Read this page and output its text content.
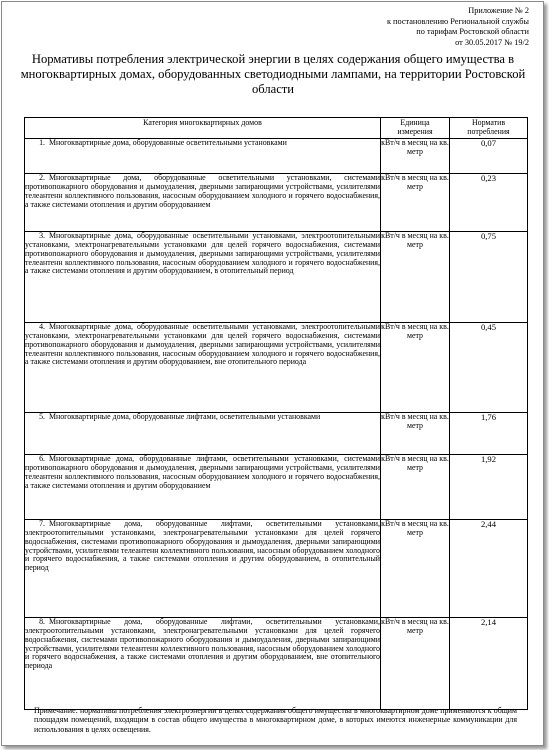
Приложение № 2
к постановлению Региональной службы
по тарифам Ростовской области
от 30.05.2017 № 19/2
Нормативы потребления электрической энергии в целях содержания общего имущества в многоквартирных домах, оборудованных светодиодными лампами, на территории Ростовской области
Категория многоквартирных домов	Единица измерения	Норматив потребления
1. Многоквартирные дома, оборудованные осветительными установками	кВт/ч в месяц на кв. метр	0,07
2. Многоквартирные дома, оборудованные осветительными установками, системами противопожарного оборудования и дымоудаления, дверными запирающими устройствами, усилителями телеантенн коллективного пользования, насосным оборудованием холодного и горячего водоснабжения, а также системами отопления и другим оборудованием	кВт/ч в месяц на кв. метр	0,23
3. Многоквартирные дома, оборудованные осветительными установками, электроотопительными установками, электронагревательными установками для целей горячего водоснабжения, системами противопожарного оборудования и дымоудаления, дверными запирающими устройствами, усилителями телеантенн коллективного пользования, насосным оборудованием холодного и горячего водоснабжения, а также системами отопления и другим оборудованием, в отопительный период	кВт/ч в месяц на кв. метр	0,75
4. Многоквартирные дома, оборудованные осветительными установками, электроотопительными установками, электронагревательными установками для целей горячего водоснабжения, системами противопожарного оборудования и дымоудаления, дверными запирающими устройствами, усилителями телеантенн коллективного пользования, насосным оборудованием холодного и горячего водоснабжения, а также системами отопления и другим оборудованием, вне отопительного периода	кВт/ч в месяц на кв. метр	0,45
5. Многоквартирные дома, оборудованные лифтами, осветительными установками	кВт/ч в месяц на кв. метр	1,76
6. Многоквартирные дома, оборудованные лифтами, осветительными установками, системами противопожарного оборудования и дымоудаления, дверными запирающими устройствами, усилителями телеантенн коллективного пользования, насосным оборудованием холодного и горячего водоснабжения, а также системами отопления и другим оборудованием	кВт/ч в месяц на кв. метр	1,92
7. Многоквартирные дома, оборудованные лифтами, осветительными установками, электроотопительными установками, электронагревательными установками для целей горячего водоснабжения, системами противопожарного оборудования и дымоудаления, дверными запирающими устройствами, усилителями телеантенн коллективного пользования, насосным оборудованием холодного и горячего водоснабжения, а также системами отопления и другим оборудованием, в отопительный период	кВт/ч в месяц на кв. метр	2,44
8. Многоквартирные дома, оборудованные лифтами, осветительными установками, электроотопительными установками, электронагревательными установками для целей горячего водоснабжения, системами противопожарного оборудования и дымоудаления, дверными запирающими устройствами, усилителями телеантенн коллективного пользования, насосным оборудованием холодного и горячего водоснабжения, а также системами отопления и другим оборудованием, вне отопительного периода	кВт/ч в месяц на кв. метр	2,14
Примечание: нормативы потребления электроэнергии в целях содержания общего имущества в многоквартирном доме применяются к общим площадям помещений, входящим в состав общего имущества в многоквартирном доме, в которых имеются инженерные коммуникации для использования в целях освещения.
